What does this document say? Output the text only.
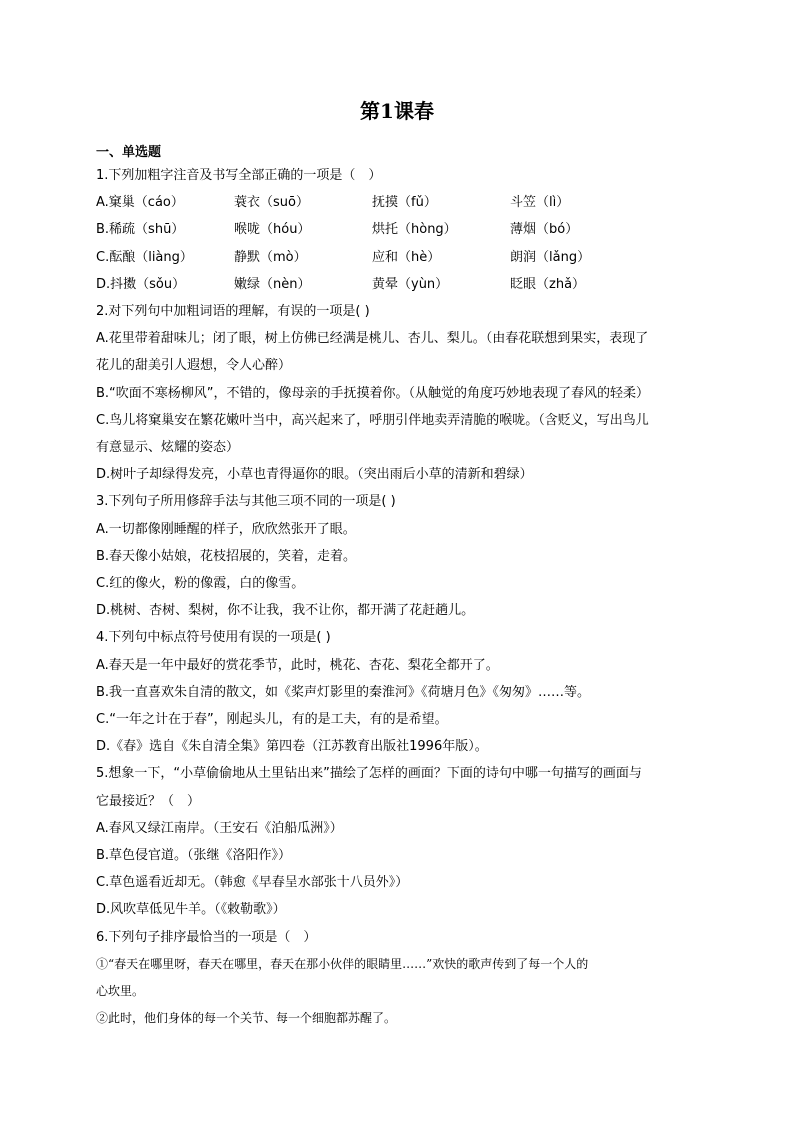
第1课春
一、单选题
1.下列加粗字注音及书写全部正确的一项是（　）
A.窠巢（cáo）	蓑衣（suō）	抚摸（fǔ）	斗笠（lì）
B.稀疏（shū）	喉咙（hóu）	烘托（hòng）	薄烟（bó）
C.酝酿（liàng）	静默（mò）	应和（hè）	朗润（lǎng）
D.抖擞（sǒu）	嫩绿（nèn）	黄晕（yùn）	眨眼（zhǎ）
2.对下列句中加粗词语的理解，有误的一项是( )
A.花里带着甜味儿；闭了眼，树上仿佛已经满是桃儿、杏儿、梨儿。（由春花联想到果实，表现了
花儿的甜美引人遐想，令人心醉）
B.“吹面不寒杨柳风”，不错的，像母亲的手抚摸着你。（从触觉的角度巧妙地表现了春风的轻柔）
C.鸟儿将窠巢安在繁花嫩叶当中，高兴起来了，呼朋引伴地卖弄清脆的喉咙。（含贬义，写出鸟儿
有意显示、炫耀的姿态）
D.树叶子却绿得发亮，小草也青得逼你的眼。（突出雨后小草的清新和碧绿）
3.下列句子所用修辞手法与其他三项不同的一项是( )
A.一切都像刚睡醒的样子，欣欣然张开了眼。
B.春天像小姑娘，花枝招展的，笑着，走着。
C.红的像火，粉的像霞，白的像雪。
D.桃树、杏树、梨树，你不让我，我不让你，都开满了花赶趟儿。
4.下列句中标点符号使用有误的一项是( )
A.春天是一年中最好的赏花季节，此时，桃花、杏花、梨花全都开了。
B.我一直喜欢朱自清的散文，如《桨声灯影里的秦淮河》《荷塘月色》《匆匆》……等。
C.“一年之计在于春”，刚起头儿，有的是工夫，有的是希望。
D.《春》选自《朱自清全集》第四卷（江苏教育出版社1996年版）。
5.想象一下，“小草偷偷地从土里钻出来”描绘了怎样的画面？下面的诗句中哪一句描写的画面与
它最接近？（　）
A.春风又绿江南岸。（王安石《泊船瓜洲》）
B.草色侵官道。（张继《洛阳作》）
C.草色遥看近却无。（韩愈《早春呈水部张十八员外》）
D.风吹草低见牛羊。（《敕勒歌》）
6.下列句子排序最恰当的一项是（　）
①“春天在哪里呀，春天在哪里，春天在那小伙伴的眼睛里……”欢快的歌声传到了每一个人的
心坎里。
②此时，他们身体的每一个关节、每一个细胞都苏醒了。
